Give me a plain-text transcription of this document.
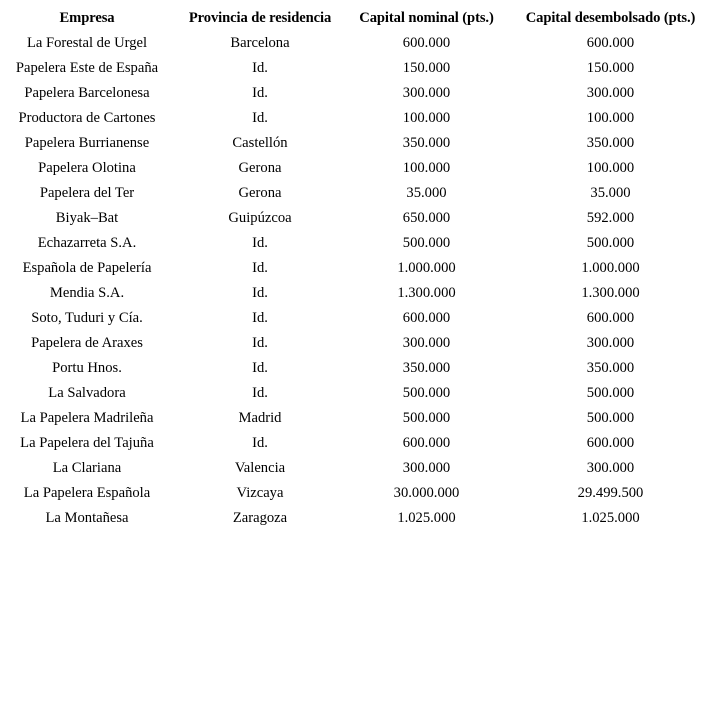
Empresa	Provincia de residencia	Capital nominal (pts.)	Capital desembolsado (pts.)
La Forestal de Urgel	Barcelona	600.000	600.000
Papelera Este de España	Id.	150.000	150.000
Papelera Barcelonesa	Id.	300.000	300.000
Productora de Cartones	Id.	100.000	100.000
Papelera Burrianense	Castellón	350.000	350.000
Papelera Olotina	Gerona	100.000	100.000
Papelera del Ter	Gerona	35.000	35.000
Biyak–Bat	Guipúzcoa	650.000	592.000
Echazarreta S.A.	Id.	500.000	500.000
Española de Papelería	Id.	1.000.000	1.000.000
Mendia S.A.	Id.	1.300.000	1.300.000
Soto, Tuduri y Cía.	Id.	600.000	600.000
Papelera de Araxes	Id.	300.000	300.000
Portu Hnos.	Id.	350.000	350.000
La Salvadora	Id.	500.000	500.000
La Papelera Madrileña	Madrid	500.000	500.000
La Papelera del Tajuña	Id.	600.000	600.000
La Clariana	Valencia	300.000	300.000
La Papelera Española	Vizcaya	30.000.000	29.499.500
La Montañesa	Zaragoza	1.025.000	1.025.000
